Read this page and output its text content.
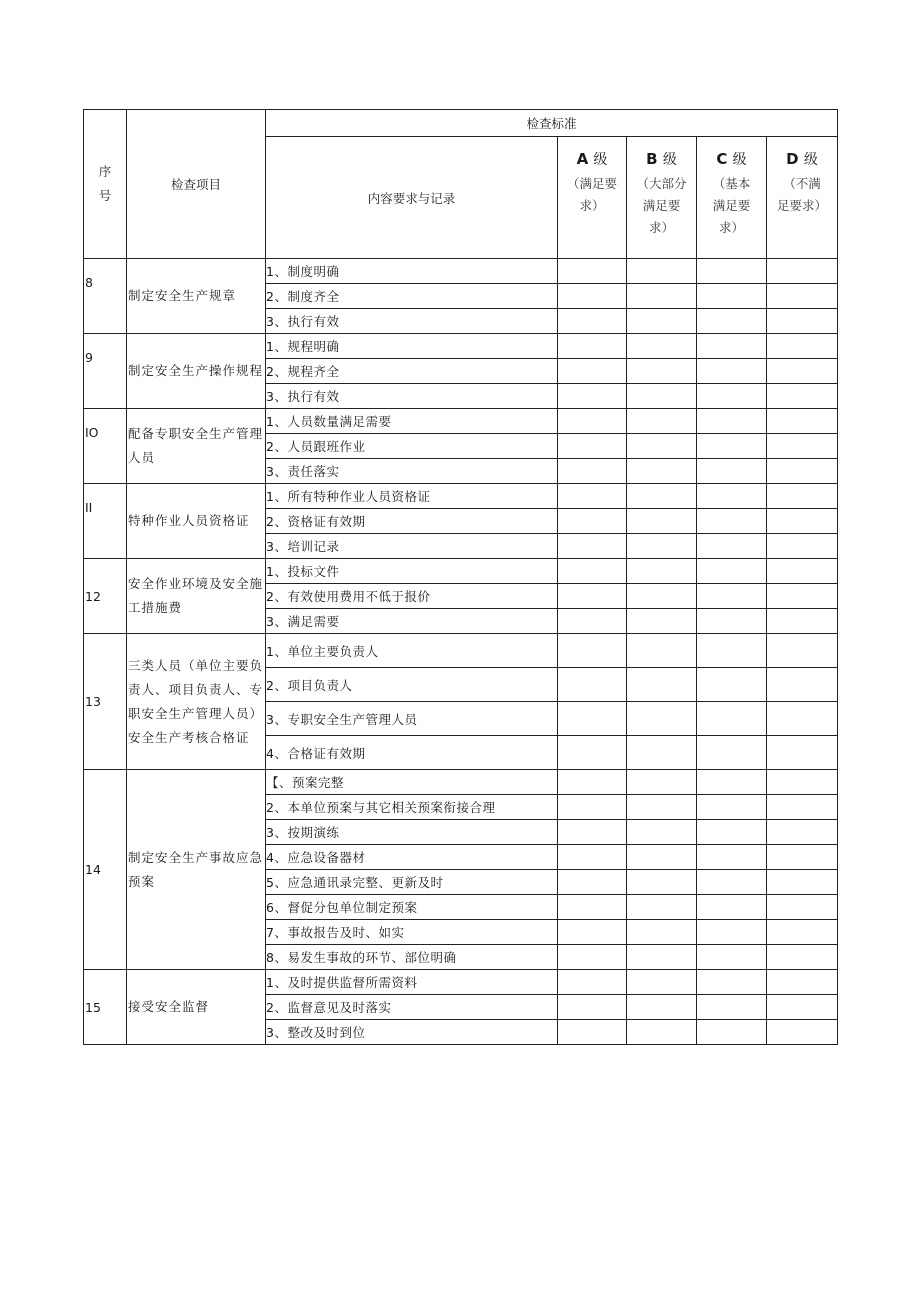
序号	检查项目	检查标准				
		内容要求与记录	A 级
（满足要
求）	B 级
（大部分
满足要
求）	C 级
（基本
满足要
求）	D 级
（不满
足要求）

8	制定安全生产规章	1、制度明确				
		2、制度齐全				
		3、执行有效				
9	制定安全生产操作规程	1、规程明确				
		2、规程齐全				
		3、执行有效				
IO	配备专职安全生产管理人员	1、人员数量满足需要				
		2、人员跟班作业				
		3、责任落实				
II	特种作业人员资格证	1、所有特种作业人员资格证				
		2、资格证有效期				
		3、培训记录				
12	安全作业环境及安全施工措施费	1、投标文件				
		2、有效使用费用不低于报价				
		3、满足需要				
13	三类人员（单位主要负责人、项目负责人、专职安全生产管理人员）安全生产考核合格证	1、单位主要负责人				
		2、项目负责人				
		3、专职安全生产管理人员				
		4、合格证有效期				
14	制定安全生产事故应急预案	【、预案完整				
		2、本单位预案与其它相关预案衔接合理				
		3、按期演练				
		4、应急设备器材				
		5、应急通讯录完整、更新及时				
		6、督促分包单位制定预案				
		7、事故报告及时、如实				
		8、易发生事故的环节、部位明确				
15	接受安全监督	1、及时提供监督所需资料				
		2、监督意见及时落实				
		3、整改及时到位				
